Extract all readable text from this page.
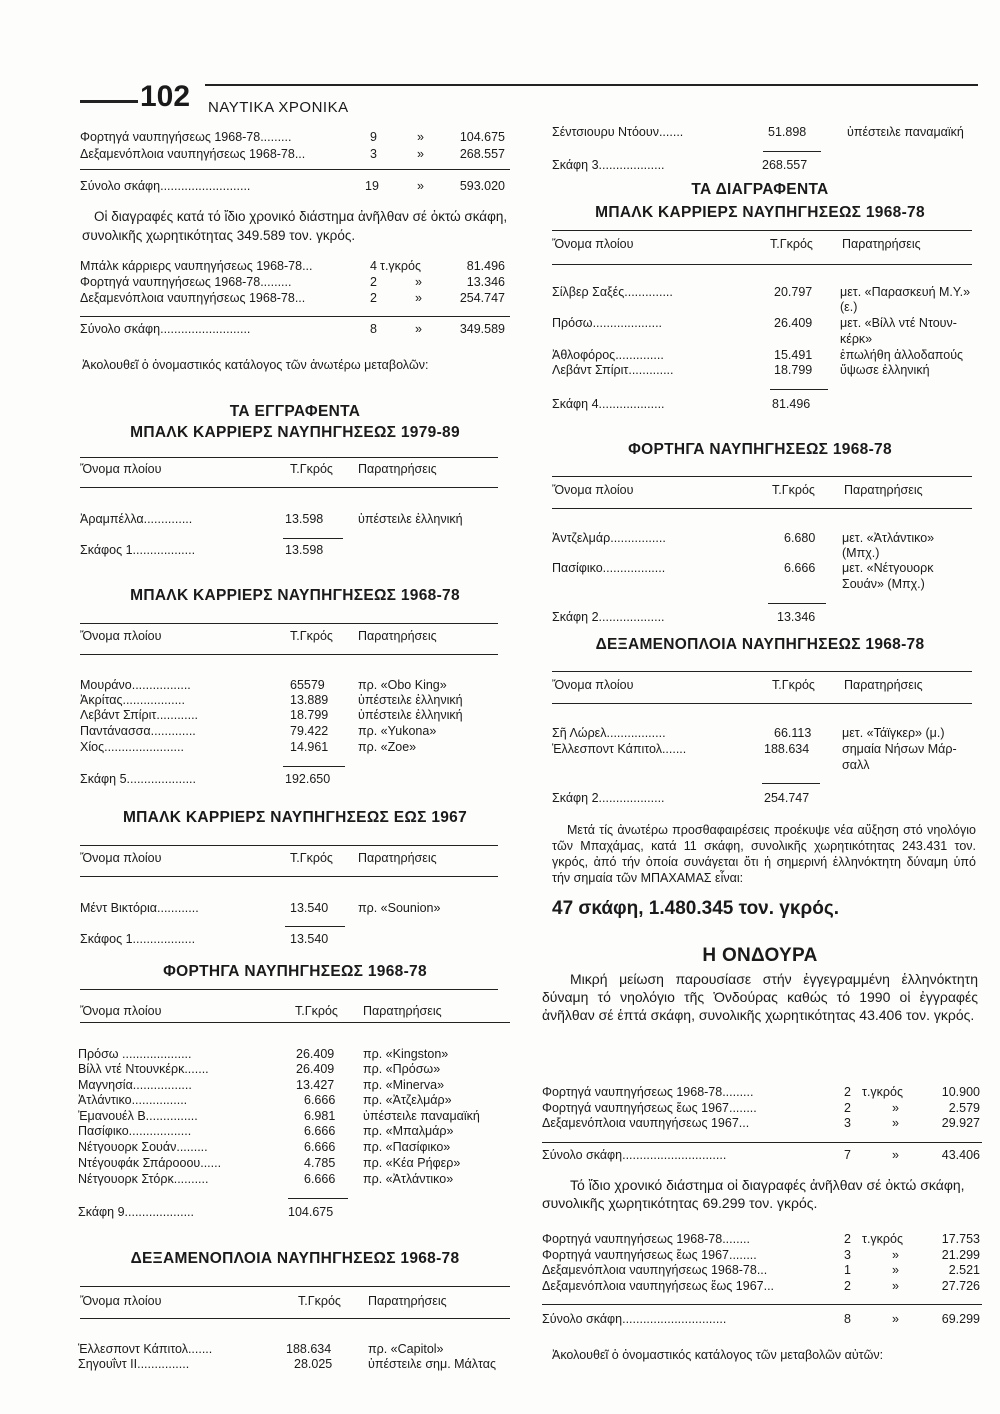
102 ΝΑΥΤΙΚΑ ΧΡΟΝΙΚΑ
Φορτηγά ναυπηγήσεως 1968-78.........	9	»	104.675
Δεξαμενόπλοια ναυπηγήσεως 1968-78...	3	»	268.557
Σύνολο σκάφη..........................	19	»	593.020
Οἱ διαγραφές κατά τό ἴδιο χρονικό διάστημα ἀνῆλθαν σέ ὀκτώ σκάφη, συνολικῆς χωρητικότητας 349.589 τον. γκρός.
Μπάλκ κάρριερς ναυπηγήσεως 1968-78...	4 τ.γκρός	81.496
Φορτηγά ναυπηγήσεως 1968-78.........	2	»	13.346
Δεξαμενόπλοια ναυπηγήσεως 1968-78...	2	»	254.747
Σύνολο σκάφη..........................	8	»	349.589
Ἀκολουθεῖ ὁ ὀνομαστικός κατάλογος τῶν ἀνωτέρω μεταβολῶν:
ΤΑ ΕΓΓΡΑΦΕΝΤΑ
ΜΠΑΛΚ ΚΑΡΡΙΕΡΣ ΝΑΥΠΗΓΗΣΕΩΣ 1979-89
Ὄνομα πλοίου	Τ.Γκρός Παρατηρήσεις
Ἀραμπέλλα..............	13.598	ὑπέστειλε ἑλληνική
Σκάφος 1..................	13.598
ΜΠΑΛΚ ΚΑΡΡΙΕΡΣ ΝΑΥΠΗΓΗΣΕΩΣ 1968-78
Ὄνομα πλοίου	Τ.Γκρός Παρατηρήσεις
Μουράνο.................	65579	πρ. «Obo King»
Ἀκρίτας..................	13.889 ὑπέστειλε ἑλληνική
Λεβάντ Σπίριτ............	18.799 ὑπέστειλε ἑλληνική
Παντάνασσα.............	79.422 πρ. «Yukona»
Χίος.......................	14.961 πρ. «Zoe»
Σκάφη 5....................	192.650
ΜΠΑΛΚ ΚΑΡΡΙΕΡΣ ΝΑΥΠΗΓΗΣΕΩΣ ΕΩΣ 1967
Ὄνομα πλοίου	Τ.Γκρός Παρατηρήσεις
Μέντ Βικτόρια............	13.540 πρ. «Sounion»
Σκάφος 1..................	13.540
ΦΟΡΤΗΓΑ ΝΑΥΠΗΓΗΣΕΩΣ 1968-78
Ὄνομα πλοίου	Τ.Γκρός Παρατηρήσεις
Πρόσω ....................	26.409 πρ. «Kingston»
Βίλλ ντέ Ντουνκέρκ.......	26.409 πρ. «Πρόσω»
Μαγνησία.................	13.427 πρ. «Minerva»
Ἀτλάντικο................	6.666 πρ. «Ἀτζελμάρ»
Ἐμανουέλ Β...............	6.981 ὑπέστειλε παναμαϊκή
Πασίφικο..................	6.666 πρ. «Μπαλμάρ»
Νέτγουορκ Σουάν.........	6.666 πρ. «Πασίφικο»
Ντέγουφάκ Σπάροοου......	4.785 πρ. «Κέα Ρήφερ»
Νέτγουορκ Στόρκ..........	6.666 πρ. «Ἀτλάντικο»
Σκάφη 9....................	104.675
ΔΕΞΑΜΕΝΟΠΛΟΙΑ ΝΑΥΠΗΓΗΣΕΩΣ 1968-78
Ὄνομα πλοίου	Τ.Γκρός Παρατηρήσεις
Ἑλλεσποντ Κάπιτολ.......	188.634	πρ. «Capitol»
Σηγουΐντ ΙΙ...............	28.025	ὑπέστειλε σημ. Μάλτας
Σέντσιουρυ Ντόουν.......	51.898	ὑπέστειλε παναμαϊκή
Σκάφη 3...................	268.557
ΤΑ ΔΙΑΓΡΑΦΕΝΤΑ
ΜΠΑΛΚ ΚΑΡΡΙΕΡΣ ΝΑΥΠΗΓΗΣΕΩΣ 1968-78
Ὄνομα πλοίου	Τ.Γκρός Παρατηρήσεις
Σίλβερ Σαξές..............	20.797 μετ. «Παρασκευή Μ.Υ.»
(ε.)
Πρόσω....................	26.409 μετ. «Βίλλ ντέ Ντουν-
κέρκ»
Ἀθλοφόρος..............	15.491 ἐπωλήθη ἀλλοδαπούς
Λεβάντ Σπίριτ.............	18.799 ὕψωσε ἑλληνική
Σκάφη 4...................	81.496
ΦΟΡΤΗΓΑ ΝΑΥΠΗΓΗΣΕΩΣ 1968-78
Ὄνομα πλοίου	Τ.Γκρός Παρατηρήσεις
Ἀντζελμάρ................	6.680 μετ. «Ἀτλάντικο»
(Μπχ.)
Πασίφικο..................	6.666 μετ. «Νέτγουορκ
Σουάν» (Μπχ.)
Σκάφη 2...................	13.346
ΔΕΞΑΜΕΝΟΠΛΟΙΑ ΝΑΥΠΗΓΗΣΕΩΣ 1968-78
Ὄνομα πλοίου	Τ.Γκρός Παρατηρήσεις
Σῆ Λώρελ.................	66.113 μετ. «Τάϊγκερ» (μ.)
Ἑλλεσποντ Κάπιτολ.......	188.634	σημαία Νήσων Μάρ-
σαλλ
Σκάφη 2...................	254.747
Μετά τίς ἀνωτέρω προσθαφαιρέσεις προέκυψε νέα αὔξηση στό νηολόγιο τῶν Μπαχάμας, κατά 11 σκάφη, συνολικῆς χωρητικότητας 243.431 τον. γκρός, ἀπό τήν ὁποία συνάγεται ὅτι ἡ σημερινή ἑλληνόκτητη δύναμη ὑπό τήν σημαία τῶν ΜΠΑΧΑΜΑΣ εἶναι:
47 σκάφη, 1.480.345 τον. γκρός.
Η ΟΝΔΟΥΡΑ
Μικρή μείωση παρουσίασε στήν ἐγγεγραμμένη ἑλληνόκτητη δύναμη τό νηολόγιο τῆς Ὁνδούρας καθώς τό 1990 οἱ ἐγγραφές ἀνῆλθαν σέ ἑπτά σκάφη, συνολικῆς χωρητικότητας 43.406 τον. γκρός.
Φορτηγά ναυπηγήσεως 1968-78.........	2 τ.γκρός	10.900
Φορτηγά ναυπηγήσεως ἕως 1967........	2	»	2.579
Δεξαμενόπλοια ναυπηγήσεως 1967...	3	»	29.927
Σύνολο σκάφη..............................	7	»	43.406
Τό ἴδιο χρονικό διάστημα οἱ διαγραφές ἀνῆλθαν σέ ὀκτώ σκάφη, συνολικῆς χωρητικότητας 69.299 τον. γκρός.
Φορτηγά ναυπηγήσεως 1968-78........	2 τ.γκρός	17.753
Φορτηγά ναυπηγήσεως ἕως 1967........	3	»	21.299
Δεξαμενόπλοια ναυπηγήσεως 1968-78...	1	»	2.521
Δεξαμενόπλοια ναυπηγήσεως ἕως 1967...	2	»	27.726
Σύνολο σκάφη..............................	8	»	69.299
Ἀκολουθεῖ ὁ ὀνομαστικός κατάλογος τῶν μεταβολῶν αὐτῶν:
